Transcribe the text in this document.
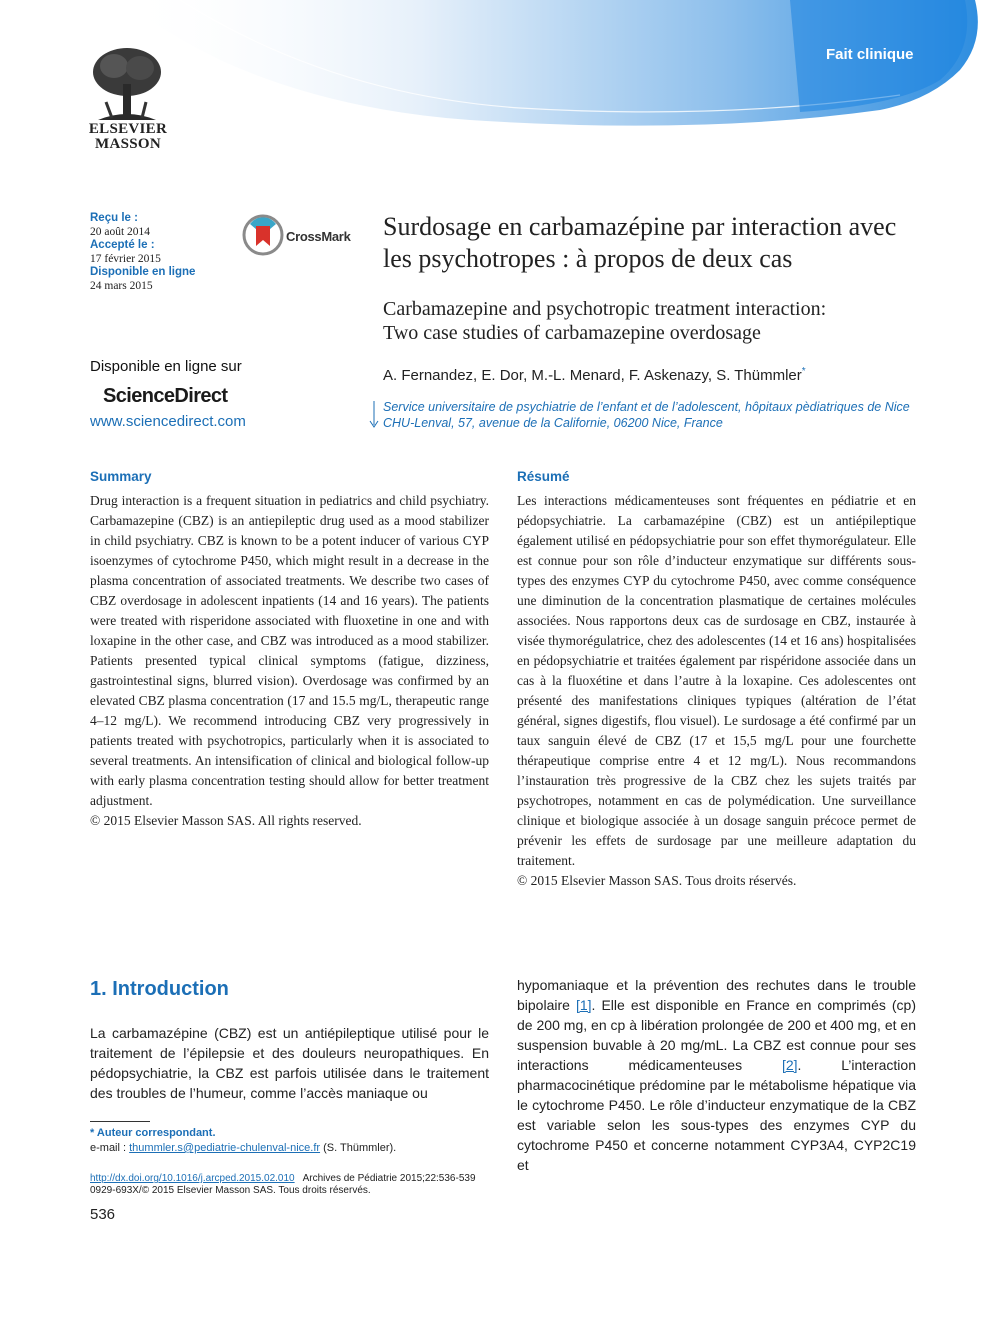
Fait clinique
ELSEVIER
MASSON
Reçu le :
20 août 2014
Accepté le :
17 février 2015
Disponible en ligne
24 mars 2015
CrossMark Surdosage en carbamazépine par interaction avec les psychotropes : à propos de deux cas
Carbamazepine and psychotropic treatment interaction:
Two case studies of carbamazepine overdosage
Disponible en ligne sur
ScienceDirect
www.sciencedirect.com
A. Fernandez, E. Dor, M.-L. Menard, F. Askenazy, S. Thümmler*
Service universitaire de psychiatrie de l’enfant et de l’adolescent, hôpitaux pèdiatriques de Nice CHU-Lenval, 57, avenue de la Californie, 06200 Nice, France
Summary

Drug interaction is a frequent situation in pediatrics and child psychiatry. Carbamazepine (CBZ) is an antiepileptic drug used as a mood stabilizer in child psychiatry. CBZ is known to be a potent inducer of various CYP isoenzymes of cytochrome P450, which might result in a decrease in the plasma concentration of associated treatments. We describe two cases of CBZ overdosage in adolescent inpatients (14 and 16 years). The patients were treated with risperidone associated with fluoxetine in one and with loxapine in the other case, and CBZ was introduced as a mood stabilizer. Patients presented typical clinical symptoms (fatigue, dizziness, gastrointestinal signs, blurred vision). Overdosage was confirmed by an elevated CBZ plasma concentration (17 and 15.5 mg/L, therapeutic range 4–12 mg/L). We recommend introducing CBZ very progressively in patients treated with psychotropics, particularly when it is associated to several treatments. An intensification of clinical and biological follow-up with early plasma concentration testing should allow for better treatment adjustment.

© 2015 Elsevier Masson SAS. All rights reserved.

Résumé

Les interactions médicamenteuses sont fréquentes en pédiatrie et en pédopsychiatrie. La carbamazépine (CBZ) est un antiépileptique également utilisé en pédopsychiatrie pour son effet thymorégulateur. Elle est connue pour son rôle d’inducteur enzymatique sur différents sous-types des enzymes CYP du cytochrome P450, avec comme conséquence une diminution de la concentration plasmatique de certaines molécules associées. Nous rapportons deux cas de surdosage en CBZ, instaurée à visée thymorégulatrice, chez des adolescentes (14 et 16 ans) hospitalisées en pédopsychiatrie et traitées également par rispéridone associée dans un cas à la fluoxétine et dans l’autre à la loxapine. Ces adolescentes ont présenté des manifestations cliniques typiques (altération de l’état général, signes digestifs, flou visuel). Le surdosage a été confirmé par un taux sanguin élevé de CBZ (17 et 15,5 mg/L pour une fourchette thérapeutique comprise entre 4 et 12 mg/L). Nous recommandons l’instauration très progressive de la CBZ chez les sujets traités par psychotropes, notamment en cas de polymédication. Une surveillance clinique et biologique associée à un dosage sanguin précoce permet de prévenir les effets de surdosage par une meilleure adaptation du traitement.

© 2015 Elsevier Masson SAS. Tous droits réservés.

1. Introduction

La carbamazépine (CBZ) est un antiépileptique utilisé pour le traitement de l’épilepsie et des douleurs neuropathiques. En pédopsychiatrie, la CBZ est parfois utilisée dans le traitement des troubles de l’humeur, comme l’accès maniaque ou

hypomaniaque et la prévention des rechutes dans le trouble bipolaire [1]. Elle est disponible en France en comprimés (cp) de 200 mg, en cp à libération prolongée de 200 et 400 mg, et en suspension buvable à 20 mg/mL. La CBZ est connue pour ses interactions médicamenteuses [2]. L’interaction pharmacocinétique prédomine par le métabolisme hépatique via le cytochrome P450. Le rôle d’inducteur enzymatique de la CBZ est variable selon les sous-types des enzymes CYP du cytochrome P450 et concerne notamment CYP3A4, CYP2C19 et

* Auteur correspondant.
e-mail : thummler.s@pediatrie-chulenval-nice.fr (S. Thümmler).
http://dx.doi.org/10.1016/j.arcped.2015.02.010 Archives de Pédiatrie 2015;22:536-539
0929-693X/© 2015 Elsevier Masson SAS. Tous droits réservés.
536
